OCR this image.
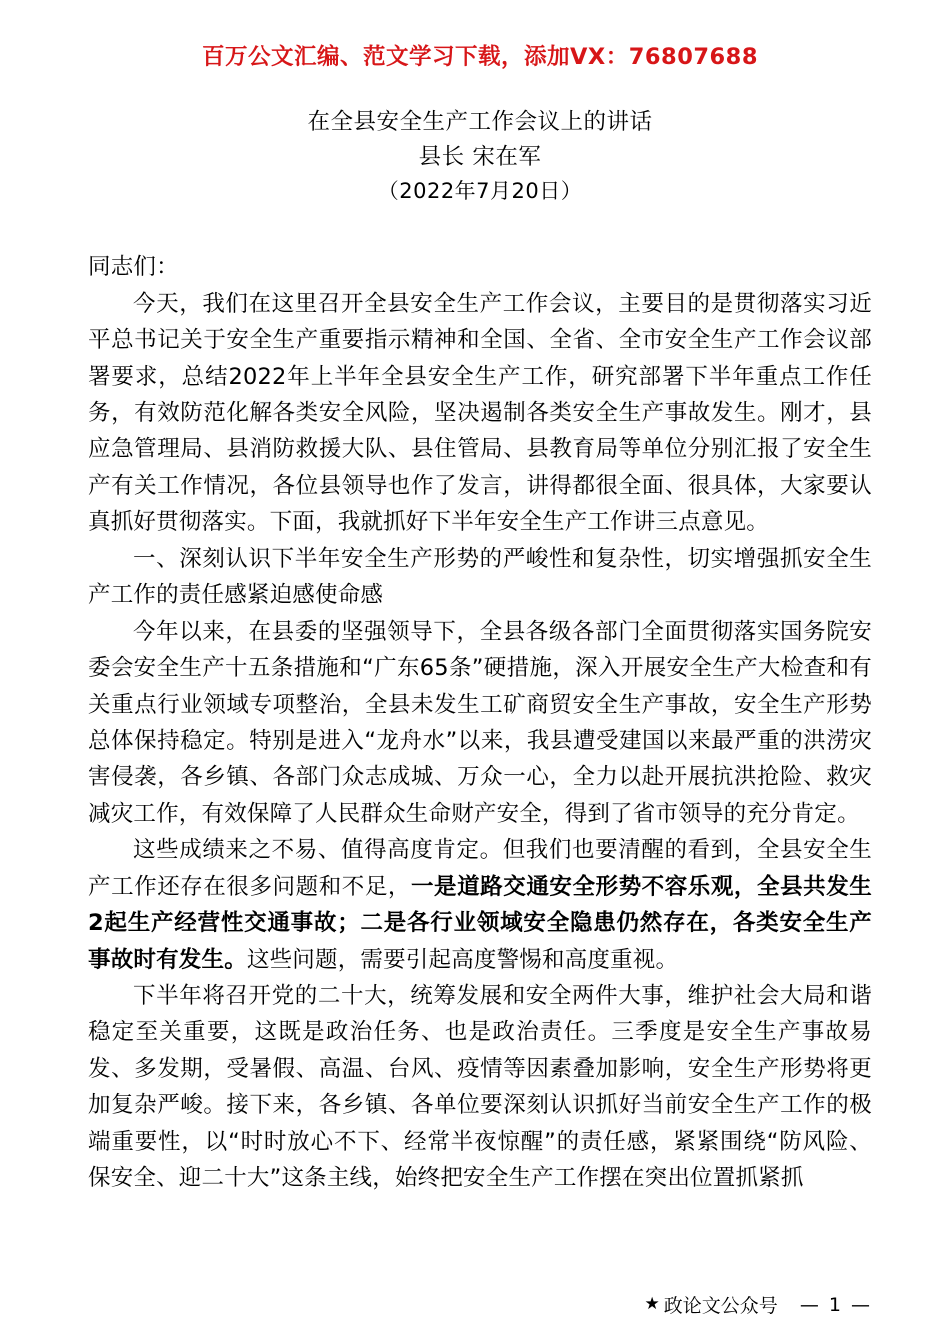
百万公文汇编、范文学习下载，添加VX：76807688
在全县安全生产工作会议上的讲话
县长 宋在军
（2022年7月20日）

同志们：

今天，我们在这里召开全县安全生产工作会议，主要目的是贯彻落实习近平总书记关于安全生产重要指示精神和全国、全省、全市安全生产工作会议部署要求，总结2022年上半年全县安全生产工作，研究部署下半年重点工作任务，有效防范化解各类安全风险，坚决遏制各类安全生产事故发生。刚才，县应急管理局、县消防救援大队、县住管局、县教育局等单位分别汇报了安全生产有关工作情况，各位县领导也作了发言，讲得都很全面、很具体，大家要认真抓好贯彻落实。下面，我就抓好下半年安全生产工作讲三点意见。

一、深刻认识下半年安全生产形势的严峻性和复杂性，切实增强抓安全生产工作的责任感紧迫感使命感

今年以来，在县委的坚强领导下，全县各级各部门全面贯彻落实国务院安委会安全生产十五条措施和“广东65条”硬措施，深入开展安全生产大检查和有关重点行业领域专项整治，全县未发生工矿商贸安全生产事故，安全生产形势总体保持稳定。特别是进入“龙舟水”以来，我县遭受建国以来最严重的洪涝灾害侵袭，各乡镇、各部门众志成城、万众一心，全力以赴开展抗洪抢险、救灾减灾工作，有效保障了人民群众生命财产安全，得到了省市领导的充分肯定。

这些成绩来之不易、值得高度肯定。但我们也要清醒的看到，全县安全生产工作还存在很多问题和不足，一是道路交通安全形势不容乐观，全县共发生2起生产经营性交通事故；二是各行业领域安全隐患仍然存在，各类安全生产事故时有发生。这些问题，需要引起高度警惕和高度重视。

下半年将召开党的二十大，统筹发展和安全两件大事，维护社会大局和谐稳定至关重要，这既是政治任务、也是政治责任。三季度是安全生产事故易发、多发期，受暑假、高温、台风、疫情等因素叠加影响，安全生产形势将更加复杂严峻。接下来，各乡镇、各单位要深刻认识抓好当前安全生产工作的极端重要性，以“时时放心不下、经常半夜惊醒”的责任感，紧紧围绕“防风险、保安全、迎二十大”这条主线，始终把安全生产工作摆在突出位置抓紧抓

★ 政论文公众号 — 1 —
